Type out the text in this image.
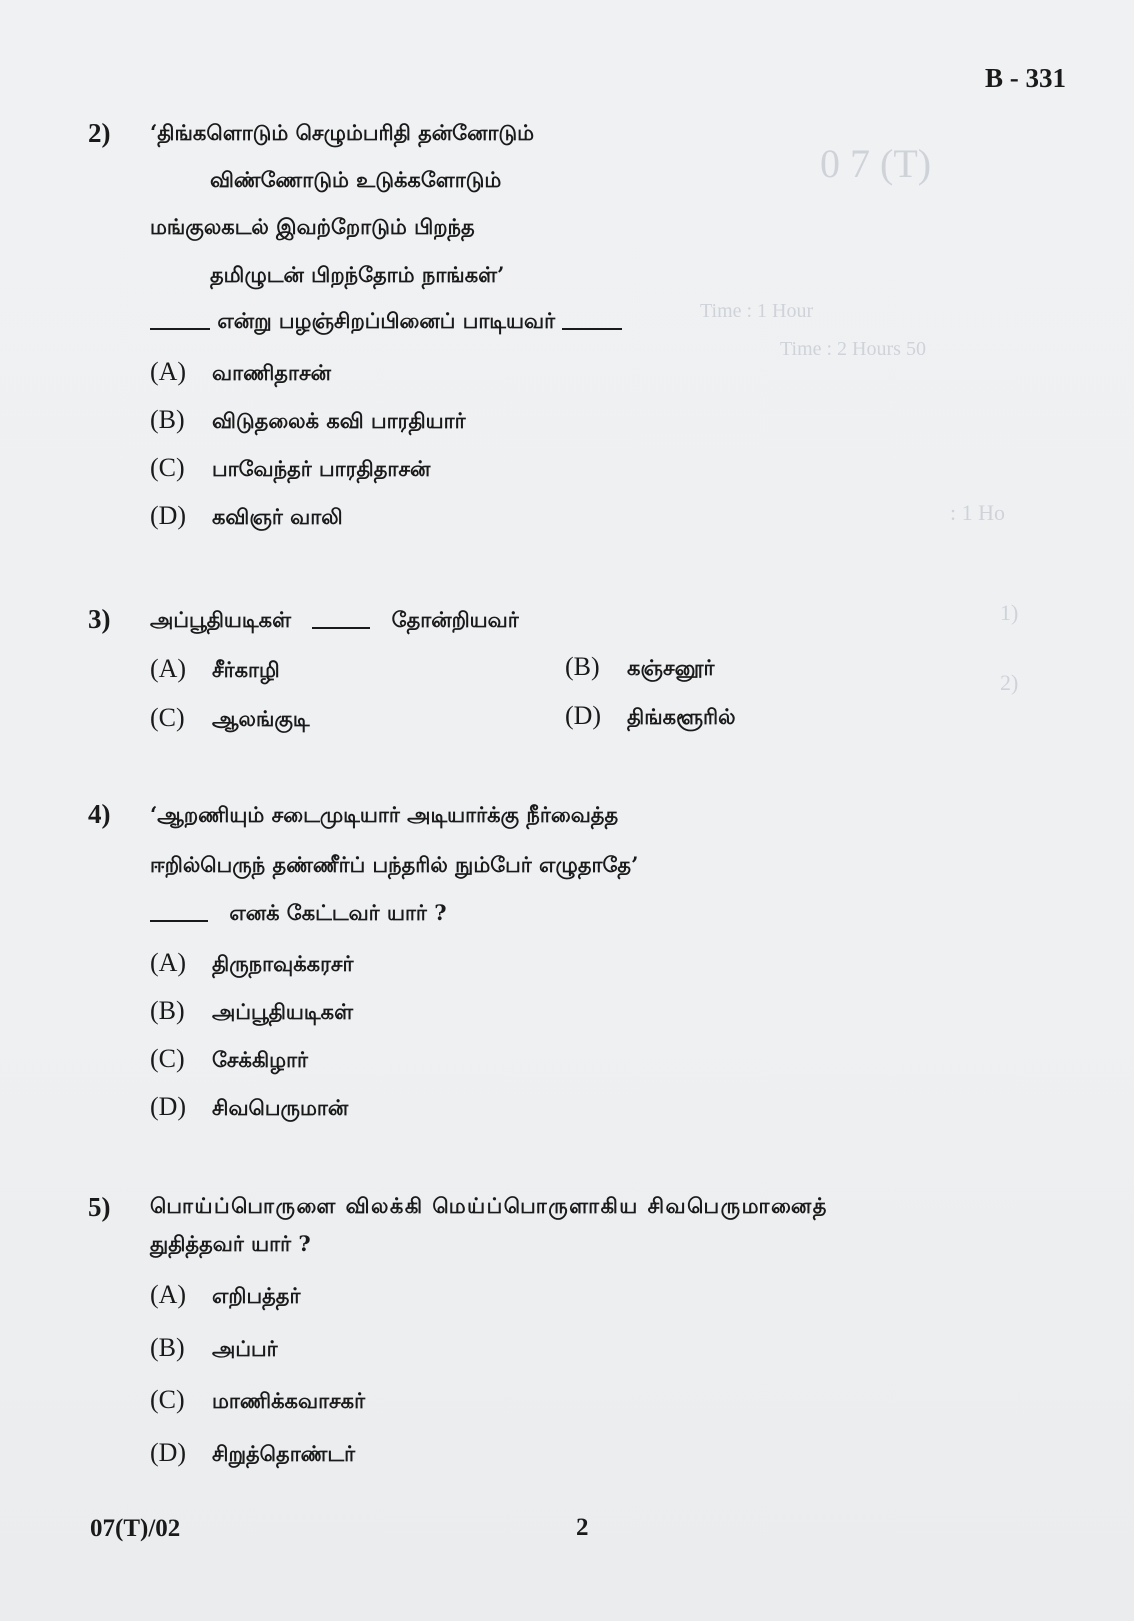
0 7 (T)
Time : 1 Hour
Time : 2 Hours 50
: 1 Ho
1)
2)
B - 331
2) ‘திங்களொடும் செழும்பரிதி தன்னோடும்
விண்ணோடும் உடுக்களோடும்
மங்குலகடல் இவற்றோடும் பிறந்த
தமிழுடன் பிறந்தோம் நாங்கள்’
என்று பழஞ்சிறப்பினைப் பாடியவர்
(A) வாணிதாசன்
(B) விடுதலைக் கவி பாரதியார்
(C) பாவேந்தர் பாரதிதாசன்
(D) கவிஞர் வாலி
3) அப்பூதியடிகள்	தோன்றியவர்
(A) சீர்காழி	(B) கஞ்சனூர்
(C) ஆலங்குடி	(D) திங்களூரில்
4) ‘ஆறணியும் சடைமுடியார் அடியார்க்கு நீர்வைத்த
ஈறில்பெருந் தண்ணீர்ப் பந்தரில் நும்பேர் எழுதாதே’
எனக் கேட்டவர் யார் ?
(A) திருநாவுக்கரசர்
(B) அப்பூதியடிகள்
(C) சேக்கிழார்
(D) சிவபெருமான்
5) பொய்ப்பொருளை விலக்கி மெய்ப்பொருளாகிய சிவபெருமானைத்
துதித்தவர் யார் ?
(A) எறிபத்தர்
(B) அப்பர்
(C) மாணிக்கவாசகர்
(D) சிறுத்தொண்டர்
07(T)/02	2
